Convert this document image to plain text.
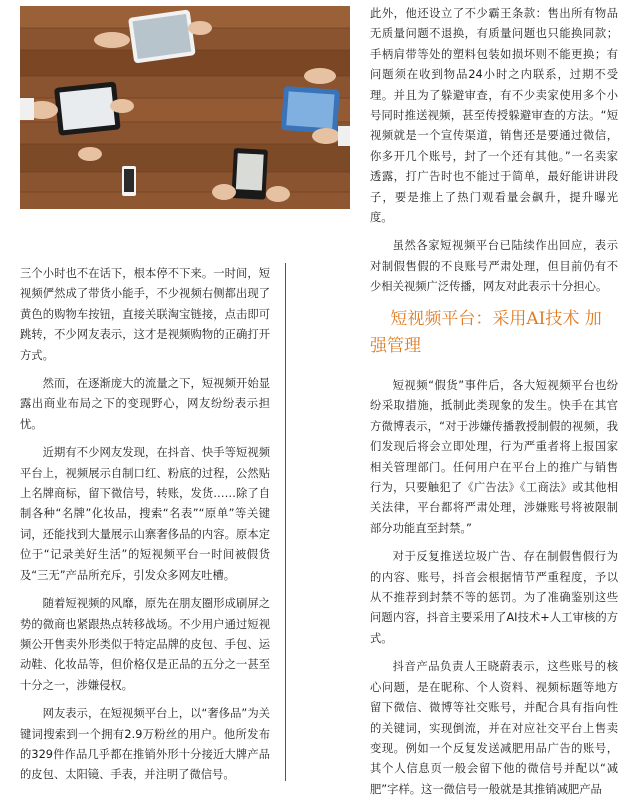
此外，他还设立了不少霸王条款：售出所有物品无质量问题不退换，有质量问题也只能换同款；手柄肩带等处的塑料包装如损坏则不能更换；有问题须在收到物品24小时之内联系，过期不受理。并且为了躲避审查，有不少卖家使用多个小号同时推送视频，甚至传授躲避审查的方法。“短视频就是一个宣传渠道，销售还是要通过微信，你多开几个账号，封了一个还有其他。”一名卖家透露，打广告时也不能过于简单，最好能讲讲段子，要是推上了热门观看量会飙升，提升曝光度。

虽然各家短视频平台已陆续作出回应，表示对制假售假的不良账号严肃处理，但目前仍有不少相关视频广泛传播，网友对此表示十分担心。

三个小时也不在话下，根本停不下来。一时间，短视频俨然成了带货小能手，不少视频右侧都出现了黄色的购物车按钮，直接关联淘宝链接，点击即可跳转，不少网友表示，这才是视频购物的正确打开方式。

然而，在逐渐庞大的流量之下，短视频开始显露出商业布局之下的变现野心，网友纷纷表示担忧。

近期有不少网友发现，在抖音、快手等短视频平台上，视频展示自制口红、粉底的过程，公然贴上名牌商标，留下微信号，转账，发货……除了自制各种“名牌”化妆品，搜索“名表”“原单”等关键词，还能找到大量展示山寨奢侈品的内容。原本定位于“记录美好生活”的短视频平台一时间被假货及“三无”产品所充斥，引发众多网友吐槽。

随着短视频的风靡，原先在朋友圈形成刷屏之势的微商也紧跟热点转移战场。不少用户通过短视频公开售卖外形类似于特定品牌的皮包、手包、运动鞋、化妆品等，但价格仅是正品的五分之一甚至十分之一，涉嫌侵权。

网友表示，在短视频平台上，以“奢侈品”为关键词搜索到一个拥有2.9万粉丝的用户。他所发布的329件作品几乎都在推销外形十分接近大牌产品的皮包、太阳镜、手表，并注明了微信号。

短视频平台：采用AI技术 加强管理

短视频“假货”事件后，各大短视频平台也纷纷采取措施，抵制此类现象的发生。快手在其官方微博表示，“对于涉嫌传播教授制假的视频，我们发现后将会立即处理，行为严重者将上报国家相关管理部门。任何用户在平台上的推广与销售行为，只要触犯了《广告法》《工商法》或其他相关法律，平台都将严肃处理，涉嫌账号将被限制部分功能直至封禁。”

对于反复推送垃圾广告、存在制假售假行为的内容、账号，抖音会根据情节严重程度，予以从不推荐到封禁不等的惩罚。为了准确鉴别这些问题内容，抖音主要采用了AI技术+人工审核的方式。

抖音产品负责人王晓蔚表示，这些账号的核心问题，是在昵称、个人资料、视频标题等地方留下微信、微博等社交账号，并配合具有指向性的关键词，实现倒流，并在对应社交平台上售卖变现。例如一个反复发送减肥用品广告的账号，其个人信息页一般会留下他的微信号并配以“减肥”字样。这一微信号一般就是其推销减肥产品
